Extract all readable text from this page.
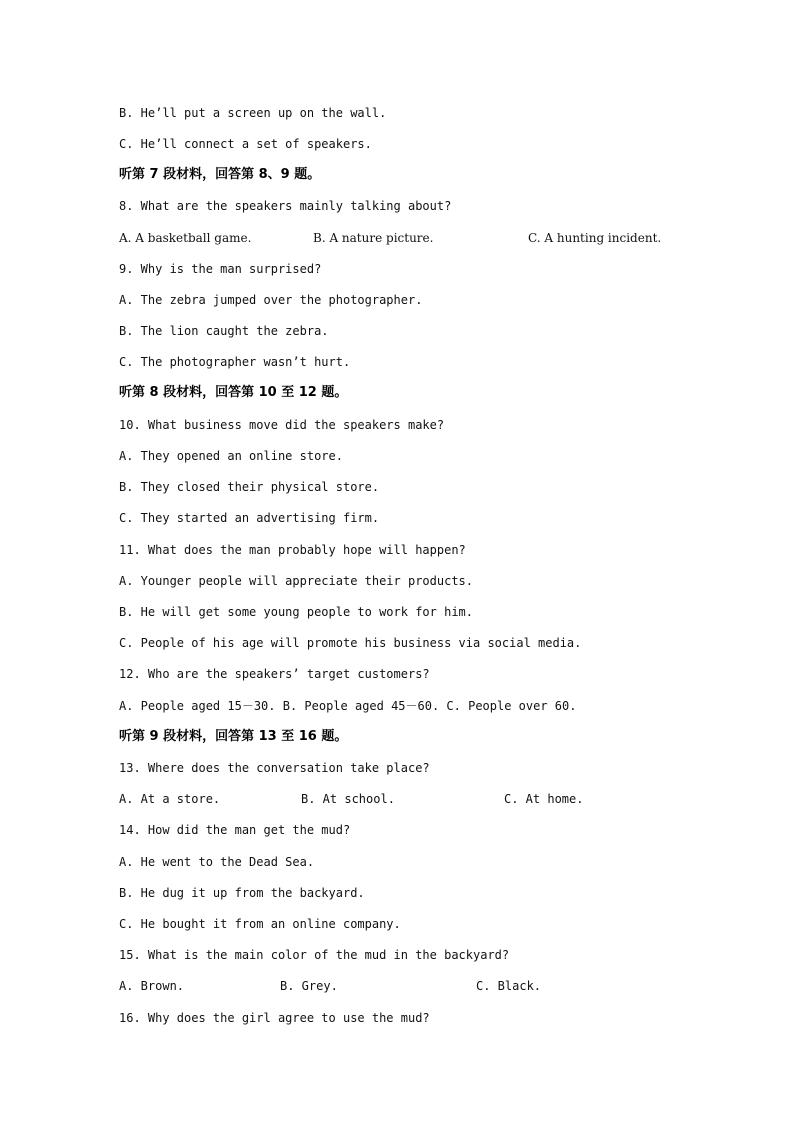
B. He’ll put a screen up on the wall.
C. He’ll connect a set of speakers.
听第 7 段材料，回答第 8、9 题。
8. What are the speakers mainly talking about?
A. A basketball game.	B. A nature picture.	C. A hunting incident.
9. Why is the man surprised?
A. The zebra jumped over the photographer.
B. The lion caught the zebra.
C. The photographer wasn’t hurt.
听第 8 段材料，回答第 10 至 12 题。
10. What business move did the speakers make?
A. They opened an online store.
B. They closed their physical store.
C. They started an advertising firm.
11. What does the man probably hope will happen?
A. Younger people will appreciate their products.
B. He will get some young people to work for him.
C. People of his age will promote his business via social media.
12. Who are the speakers’ target customers?
A. People aged 15－30. B. People aged 45－60. C. People over 60.
听第 9 段材料，回答第 13 至 16 题。
13. Where does the conversation take place?
A. At a store.	B. At school.	C. At home.
14. How did the man get the mud?
A. He went to the Dead Sea.
B. He dug it up from the backyard.
C. He bought it from an online company.
15. What is the main color of the mud in the backyard?
A. Brown.	B. Grey.	C. Black.
16. Why does the girl agree to use the mud?
